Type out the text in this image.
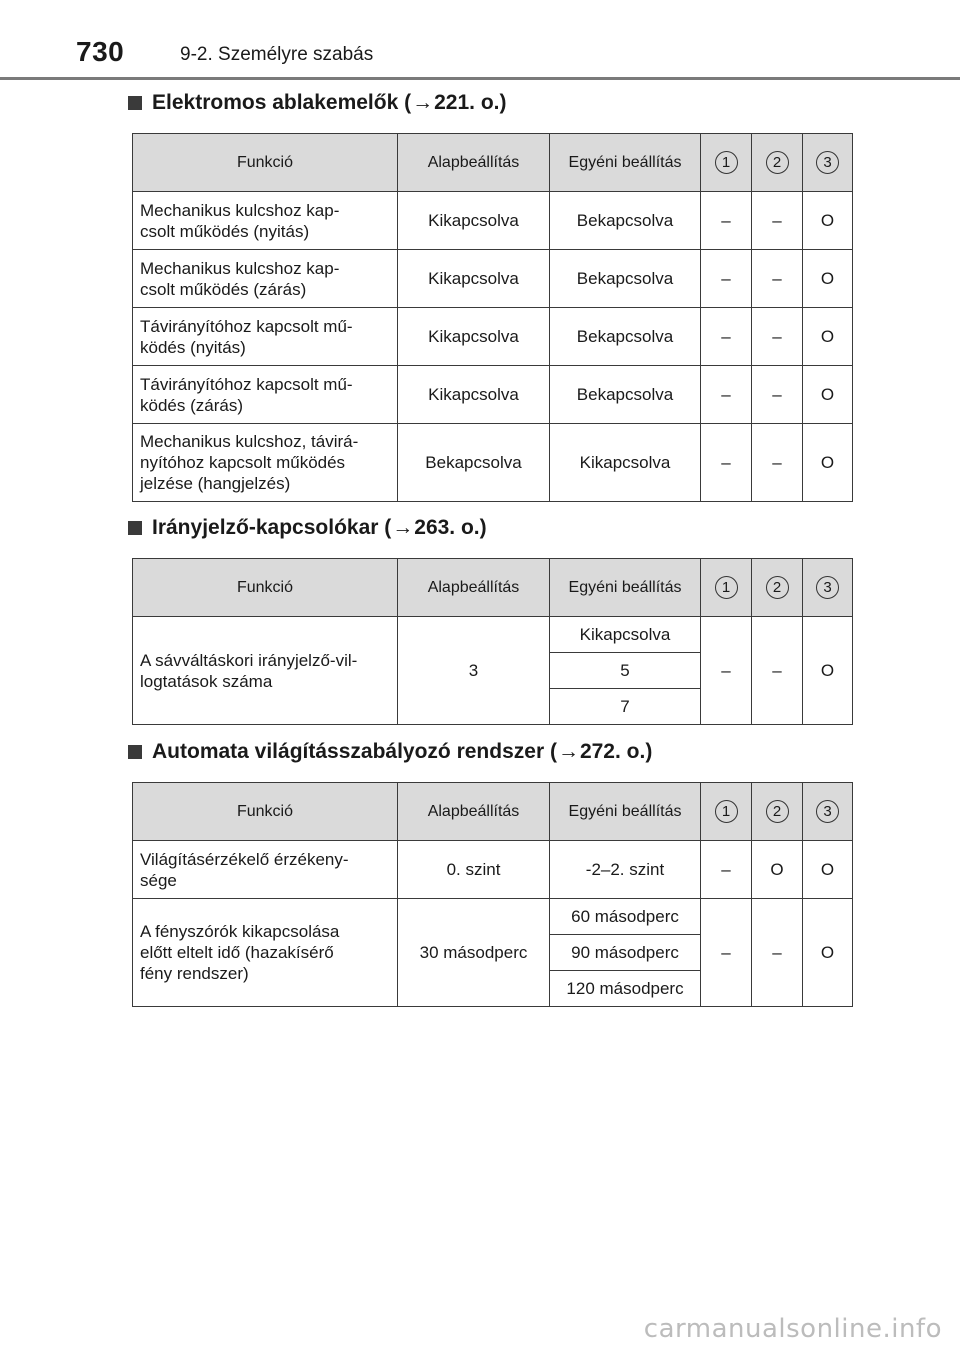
730	9-2. Személyre szabás
Elektromos ablakemelők ( → 221. o.)
Funkció	Alapbeállítás	Egyéni beállítás	1	2	3
Mechanikus kulcshoz kap-
csolt működés (nyitás)	Kikapcsolva	Bekapcsolva	–	–	O
Mechanikus kulcshoz kap-
csolt működés (zárás)	Kikapcsolva	Bekapcsolva	–	–	O
Távirányítóhoz kapcsolt mű-
ködés (nyitás)	Kikapcsolva	Bekapcsolva	–	–	O
Távirányítóhoz kapcsolt mű-
ködés (zárás)	Kikapcsolva	Bekapcsolva	–	–	O
Mechanikus kulcshoz, távirá-
nyítóhoz kapcsolt működés
jelzése (hangjelzés)	Bekapcsolva	Kikapcsolva	–	–	O
Irányjelző-kapcsolókar ( → 263. o.)
Funkció	Alapbeállítás	Egyéni beállítás	1	2	3
A sávváltáskori irányjelző-vil-
logtatások száma	3	Kikapcsolva	–	–	O
		5			
		7			
Automata világításszabályozó rendszer ( → 272. o.)
Funkció	Alapbeállítás	Egyéni beállítás	1	2	3
Világításérzékelő érzékeny-
sége	0. szint	-2–2. szint	–	O	O
A fényszórók kikapcsolása
előtt eltelt idő (hazakísérő
fény rendszer)	30 másodperc	60 másodperc	–	–	O
		90 másodperc			
		120 másodperc			
carmanualsonline.info
